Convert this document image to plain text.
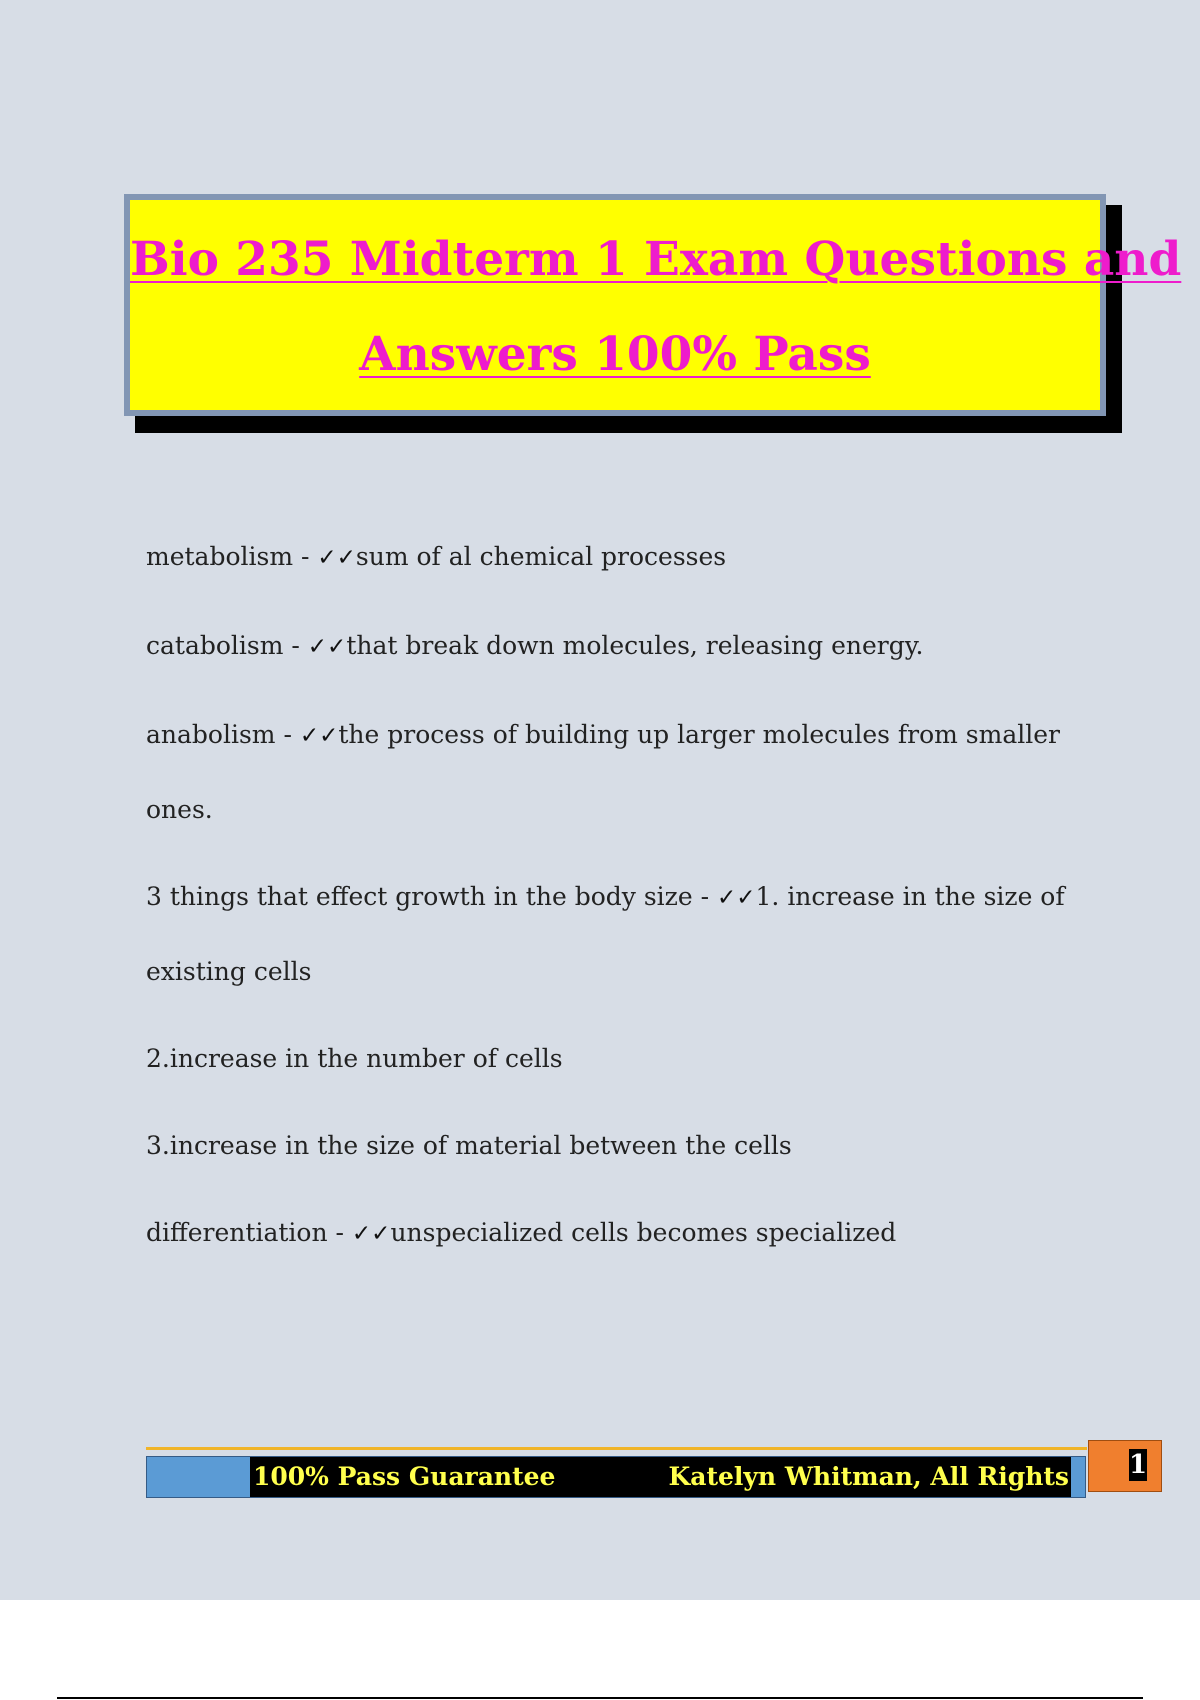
Bio 235 Midterm 1 Exam Questions and
Answers 100% Pass

metabolism - ✓✓sum of al chemical processes

catabolism - ✓✓that break down molecules, releasing energy.

anabolism - ✓✓the process of building up larger molecules from smaller ones.

3 things that effect growth in the body size - ✓✓1. increase in the size of existing cells

2.increase in the number of cells

3.increase in the size of material between the cells

differentiation - ✓✓unspecialized cells becomes specialized

100% Pass Guarantee	Katelyn Whitman, All Rights 1
